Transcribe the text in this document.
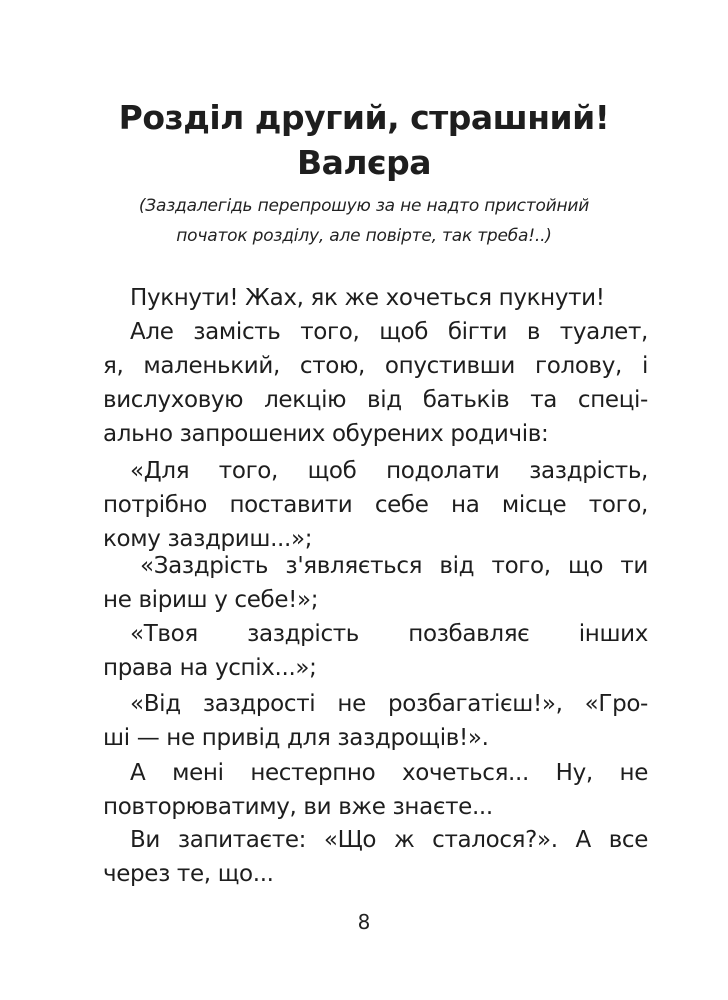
Розділ другий, страшний!
Валєра
(Заздалегідь перепрошую за не надто пристойний
початок розділу, але повірте, так треба!..)
Пукнути! Жах, як же хочеться пукнути!
Але замість того, щоб бігти в туалет,
я, маленький, стою, опустивши голову, і
вислуховую лекцію від батьків та спеці-
ально запрошених обурених родичів:
«Для того, щоб подолати заздрість,
потрібно поставити себе на місце того,
кому заздриш...»;
«Заздрість з'являється від того, що ти
не віриш у себе!»;
«Твоя заздрість позбавляє інших
права на успіх...»;
«Від заздрості не розбагатієш!», «Гро-
ші — не привід для заздрощів!».
А мені нестерпно хочеться... Ну, не
повторюватиму, ви вже знаєте...
Ви запитаєте: «Що ж сталося?». А все
через те, що...
8
